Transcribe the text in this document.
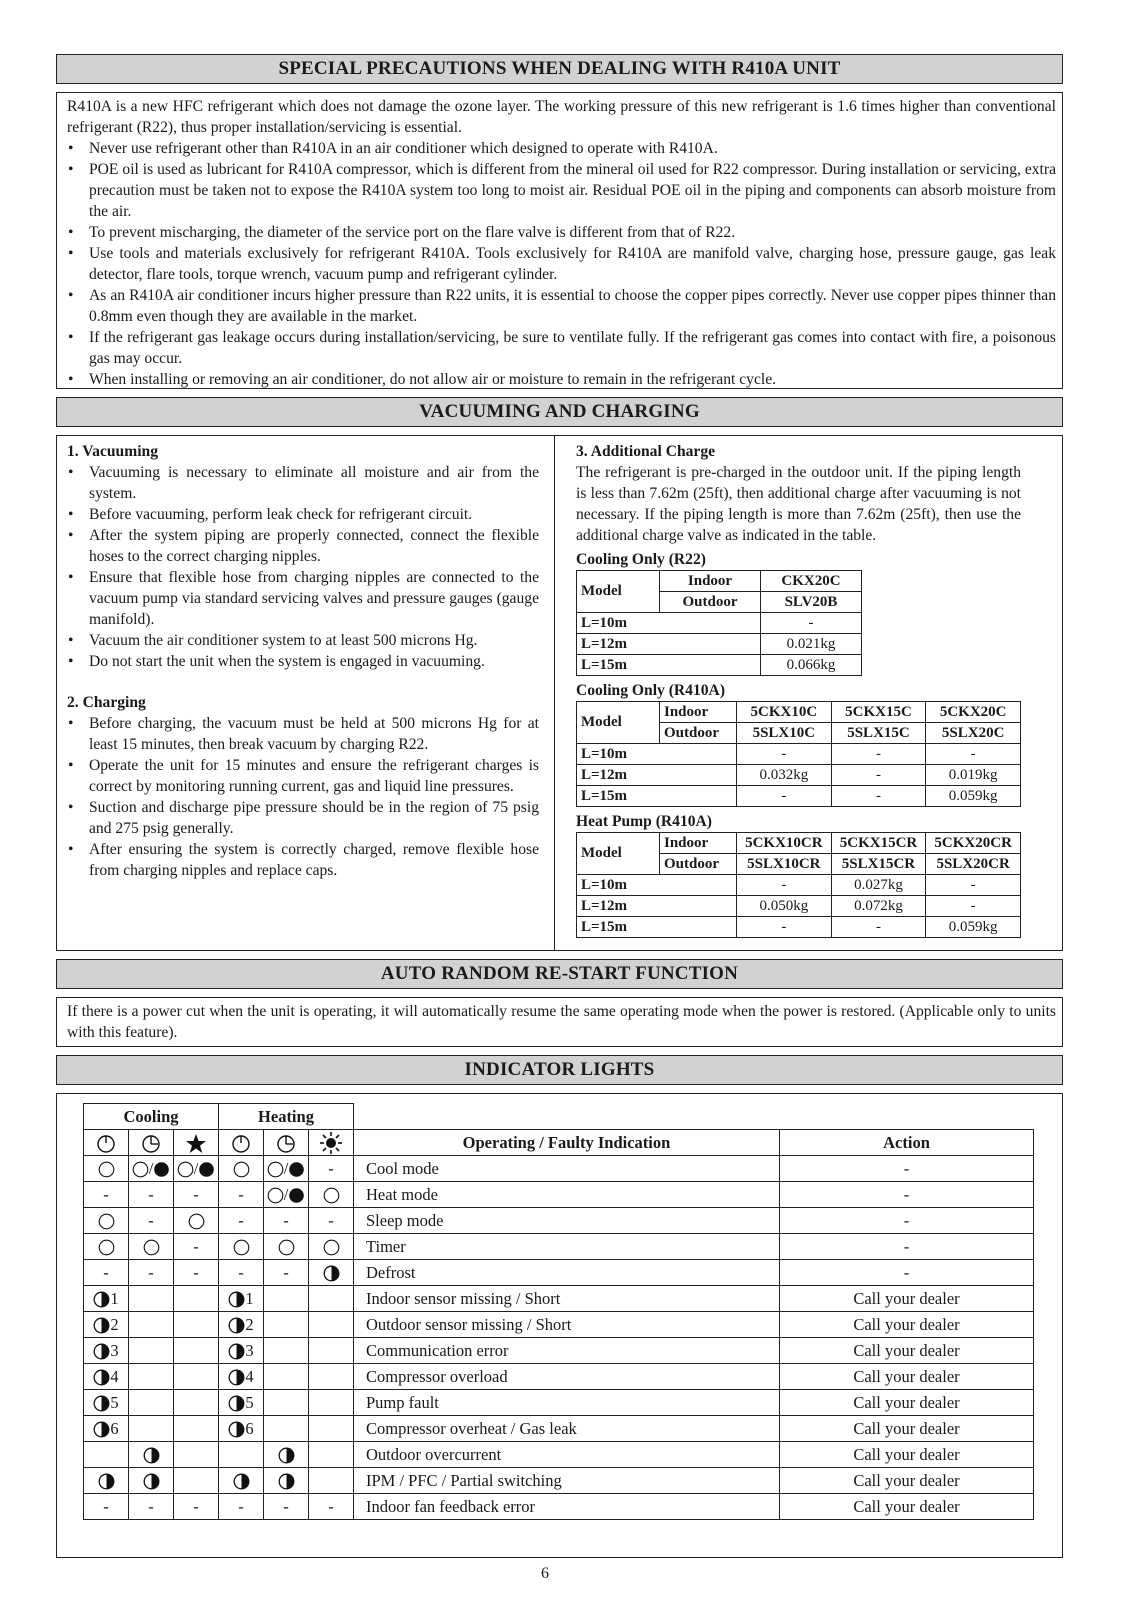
SPECIAL PRECAUTIONS WHEN DEALING WITH R410A UNIT
R410A is a new HFC refrigerant which does not damage the ozone layer. The working pressure of this new refrigerant is 1.6 times higher than conventional refrigerant (R22), thus proper installation/servicing is essential.
• Never use refrigerant other than R410A in an air conditioner which designed to operate with R410A.
• POE oil is used as lubricant for R410A compressor, which is different from the mineral oil used for R22 compressor. During installation or servicing, extra precaution must be taken not to expose the R410A system too long to moist air. Residual POE oil in the piping and components can absorb moisture from the air.
• To prevent mischarging, the diameter of the service port on the flare valve is different from that of R22.
• Use tools and materials exclusively for refrigerant R410A. Tools exclusively for R410A are manifold valve, charging hose, pressure gauge, gas leak detector, flare tools, torque wrench, vacuum pump and refrigerant cylinder.
• As an R410A air conditioner incurs higher pressure than R22 units, it is essential to choose the copper pipes correctly. Never use copper pipes thinner than 0.8mm even though they are available in the market.
• If the refrigerant gas leakage occurs during installation/servicing, be sure to ventilate fully. If the refrigerant gas comes into contact with fire, a poisonous gas may occur.
• When installing or removing an air conditioner, do not allow air or moisture to remain in the refrigerant cycle.
VACUUMING AND CHARGING
1. Vacuuming
• Vacuuming is necessary to eliminate all moisture and air from the system.
• Before vacuuming, perform leak check for refrigerant circuit.
• After the system piping are properly connected, connect the flexible hoses to the correct charging nipples.
• Ensure that flexible hose from charging nipples are connected to the vacuum pump via standard servicing valves and pressure gauges (gauge manifold).
• Vacuum the air conditioner system to at least 500 microns Hg.
• Do not start the unit when the system is engaged in vacuuming.
2. Charging
• Before charging, the vacuum must be held at 500 microns Hg for at least 15 minutes, then break vacuum by charging R22.
• Operate the unit for 15 minutes and ensure the refrigerant charges is correct by monitoring running current, gas and liquid line pressures.
• Suction and discharge pipe pressure should be in the region of 75 psig and 275 psig generally.
• After ensuring the system is correctly charged, remove flexible hose from charging nipples and replace caps.
3. Additional Charge
The refrigerant is pre-charged in the outdoor unit. If the piping length is less than 7.62m (25ft), then additional charge after vacuuming is not necessary. If the piping length is more than 7.62m (25ft), then use the additional charge valve as indicated in the table.
Cooling Only (R22)
Model	Indoor	CKX20C
	Outdoor	SLV20B
L=10m		-
L=12m		0.021kg
L=15m		0.066kg
Cooling Only (R410A)
Model	Indoor	5CKX10C	5CKX15C	5CKX20C
	Outdoor	5SLX10C	5SLX15C	5SLX20C
L=10m		-	-	-
L=12m		0.032kg	-	0.019kg
L=15m		-	-	0.059kg
Heat Pump (R410A)
Model	Indoor	5CKX10CR	5CKX15CR	5CKX20CR
	Outdoor	5SLX10CR	5SLX15CR	5SLX20CR
L=10m		-	0.027kg	-
L=12m		0.050kg	0.072kg	-
L=15m		-	-	0.059kg
AUTO RANDOM RE-START FUNCTION
If there is a power cut when the unit is operating, it will automatically resume the same operating mode when the power is restored. (Applicable only to units with this feature).
INDICATOR LIGHTS
Cooling			Heating				
						Operating / Faulty Indication	Action
	/	/		/	-	Cool mode	-
-	-	-	-	/		Heat mode	-
	-		-	-	-	Sleep mode	-
		-				Timer	-
-	-	-	-	-		Defrost	-
1			1			Indoor sensor missing / Short	Call your dealer
2			2			Outdoor sensor missing / Short	Call your dealer
3			3			Communication error	Call your dealer
4			4			Compressor overload	Call your dealer
5			5			Pump fault	Call your dealer
6			6			Compressor overheat / Gas leak	Call your dealer
						Outdoor overcurrent	Call your dealer
						IPM / PFC / Partial switching	Call your dealer
-	-	-	-	-	-	Indoor fan feedback error	Call your dealer
6
